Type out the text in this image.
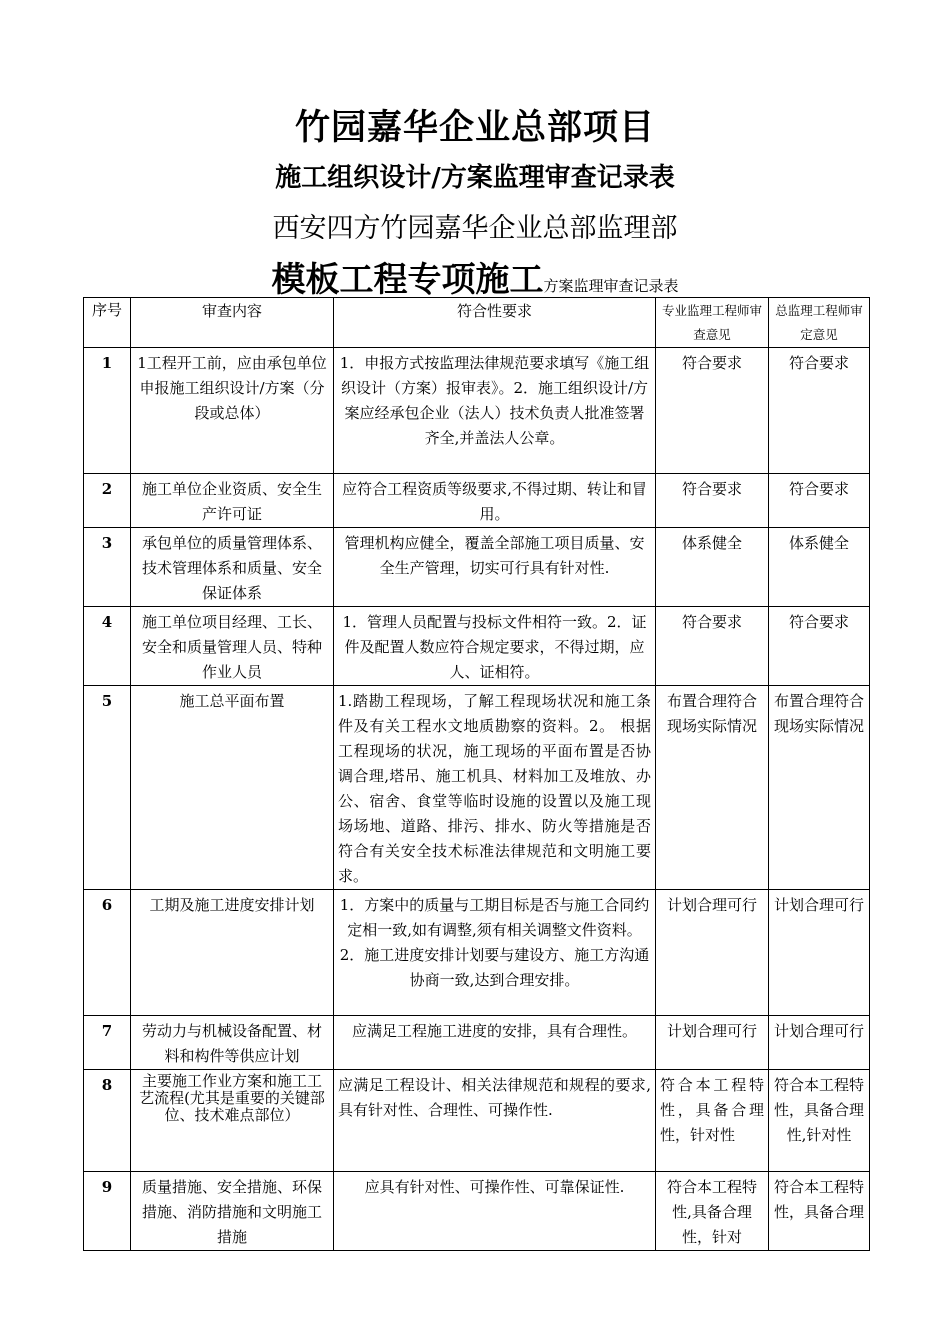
竹园嘉华企业总部项目
施工组织设计/方案监理审查记录表
西安四方竹园嘉华企业总部监理部
模板工程专项施工方案监理审查记录表
序号	审查内容	符合性要求	专业监理工程师审查意见	总监理工程师审定意见
1	1工程开工前，应由承包单位申报施工组织设计/方案（分段或总体）	1．申报方式按监理法律规范要求填写《施工组织设计（方案）报审表》。2．施工组织设计/方案应经承包企业（法人）技术负责人批准签署齐全,并盖法人公章。	符合要求	符合要求
2	施工单位企业资质、安全生产许可证	应符合工程资质等级要求,不得过期、转让和冒用。	符合要求	符合要求
3	承包单位的质量管理体系、技术管理体系和质量、安全保证体系	管理机构应健全，覆盖全部施工项目质量、安全生产管理，切实可行具有针对性.	体系健全	体系健全
4	施工单位项目经理、工长、安全和质量管理人员、特种作业人员	1．管理人员配置与投标文件相符一致。2．证件及配置人数应符合规定要求，不得过期，应人、证相符。	符合要求	符合要求
5	施工总平面布置	1.踏勘工程现场，了解工程现场状况和施工条件及有关工程水文地质勘察的资料。2。 根据工程现场的状况，施工现场的平面布置是否协调合理,塔吊、施工机具、材料加工及堆放、办公、宿舍、食堂等临时设施的设置以及施工现场场地、道路、排污、排水、防火等措施是否符合有关安全技术标准法律规范和文明施工要求。	布置合理符合现场实际情况	布置合理符合现场实际情况
6	工期及施工进度安排计划	1．方案中的质量与工期目标是否与施工合同约定相一致,如有调整,须有相关调整文件资料。2．施工进度安排计划要与建设方、施工方沟通协商一致,达到合理安排。	计划合理可行	计划合理可行
7	劳动力与机械设备配置、材料和构件等供应计划	应满足工程施工进度的安排，具有合理性。	计划合理可行	计划合理可行
8	主要施工作业方案和施工工艺流程(尤其是重要的关键部位、技术难点部位）	应满足工程设计、相关法律规范和规程的要求,具有针对性、合理性、可操作性.	符合本工程特性，具备合理性，针对性	符合本工程特性，具备合理性,针对性
9	质量措施、安全措施、环保措施、消防措施和文明施工措施	应具有针对性、可操作性、可靠保证性.	符合本工程特性,具备合理性，针对	符合本工程特性，具备合理
